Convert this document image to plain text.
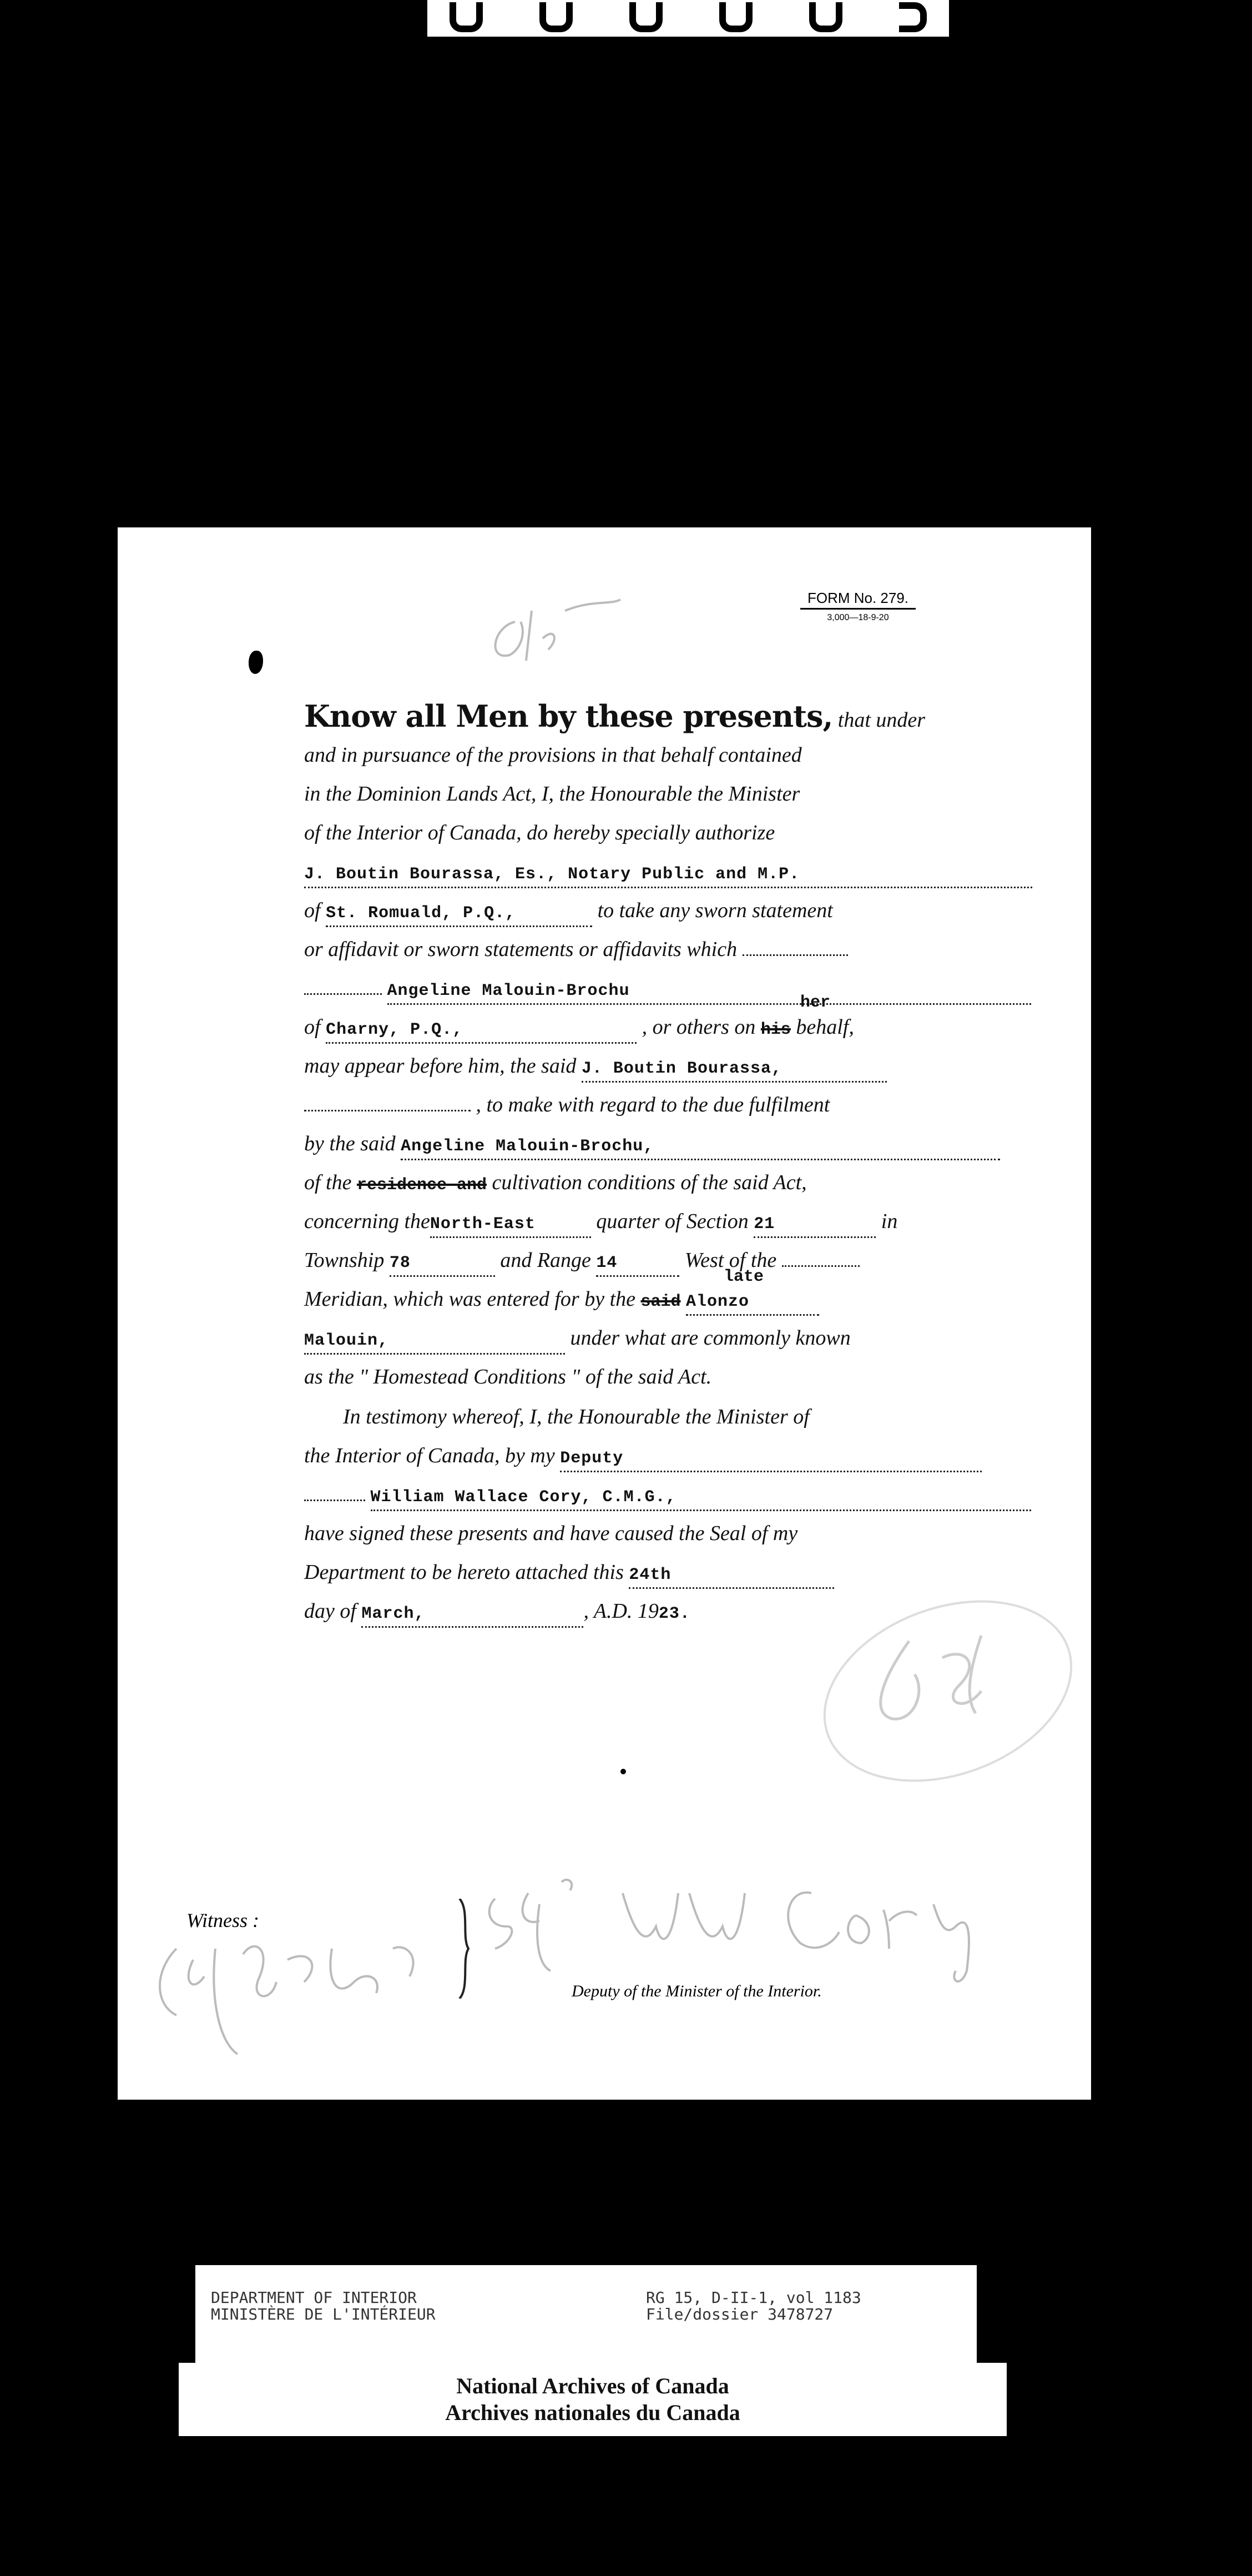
FORM No. 279.
3,000—18-9-20
Know all Men by these presents, that under
and in pursuance of the provisions in that behalf contained
in the Dominion Lands Act, I, the Honourable the Minister
of the Interior of Canada, do hereby specially authorize
J. Boutin Bourassa, Es., Notary Public and M.P.
of St. Romuald, P.Q.,	to take any sworn statement
or affidavit or sworn statements or affidavits which
Angeline Malouin-Brochu
of Charny, P.Q.,	, or others on his behalf,
her
may appear before him, the said J. Boutin Bourassa,
, to make with regard to the due fulfilment
by the said Angeline Malouin-Brochu,
of the residence and cultivation conditions of the said Act,
concerning theNorth-East	quarter of Section 21	in
Township 78	and Range 14	West of the
Meridian, which was entered for by the said Alonzo
late
Malouin,	under what are commonly known
as the " Homestead Conditions " of the said Act.
In testimony whereof, I, the Honourable the Minister of
the Interior of Canada, by my Deputy
William Wallace Cory, C.M.G.,
have signed these presents and have caused the Seal of my
Department to be hereto attached this 24th
day of March,	, A.D. 1923.
Witness :
Deputy of the Minister of the Interior.
DEPARTMENT OF INTERIOR
MINISTÈRE DE L'INTÉRIEUR
RG 15, D-II-1, vol 1183
File/dossier 3478727
National Archives of Canada
Archives nationales du Canada
